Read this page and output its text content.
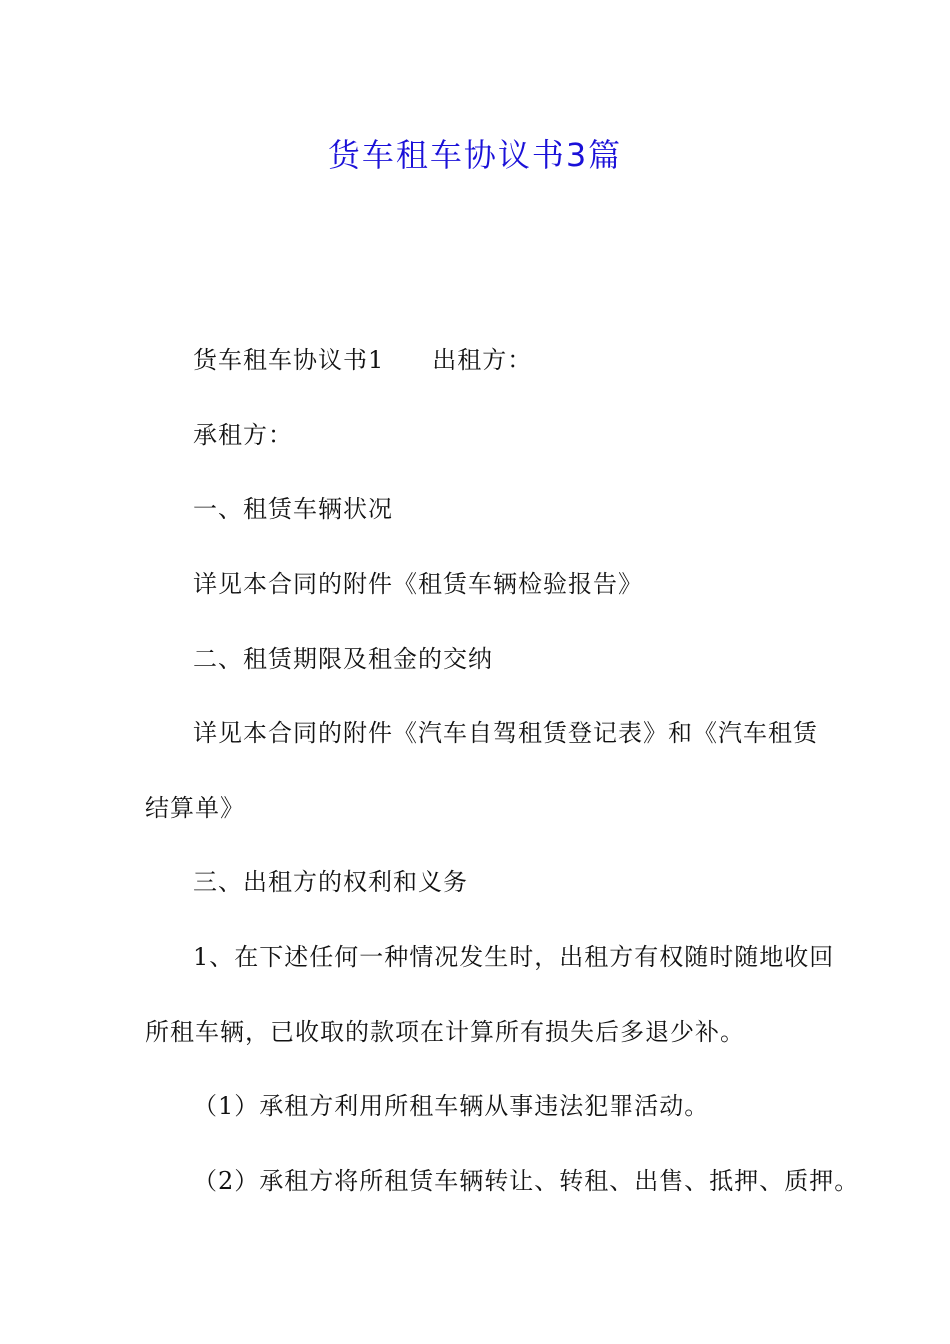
货车租车协议书3篇
货车租车协议书1 出租方：
承租方：
一、租赁车辆状况
详见本合同的附件《租赁车辆检验报告》
二、租赁期限及租金的交纳
详见本合同的附件《汽车自驾租赁登记表》和《汽车租赁
结算单》
三、出租方的权利和义务
1、在下述任何一种情况发生时，出租方有权随时随地收回
所租车辆，已收取的款项在计算所有损失后多退少补。
（1）承租方利用所租车辆从事违法犯罪活动。
（2）承租方将所租赁车辆转让、转租、出售、抵押、质押。
